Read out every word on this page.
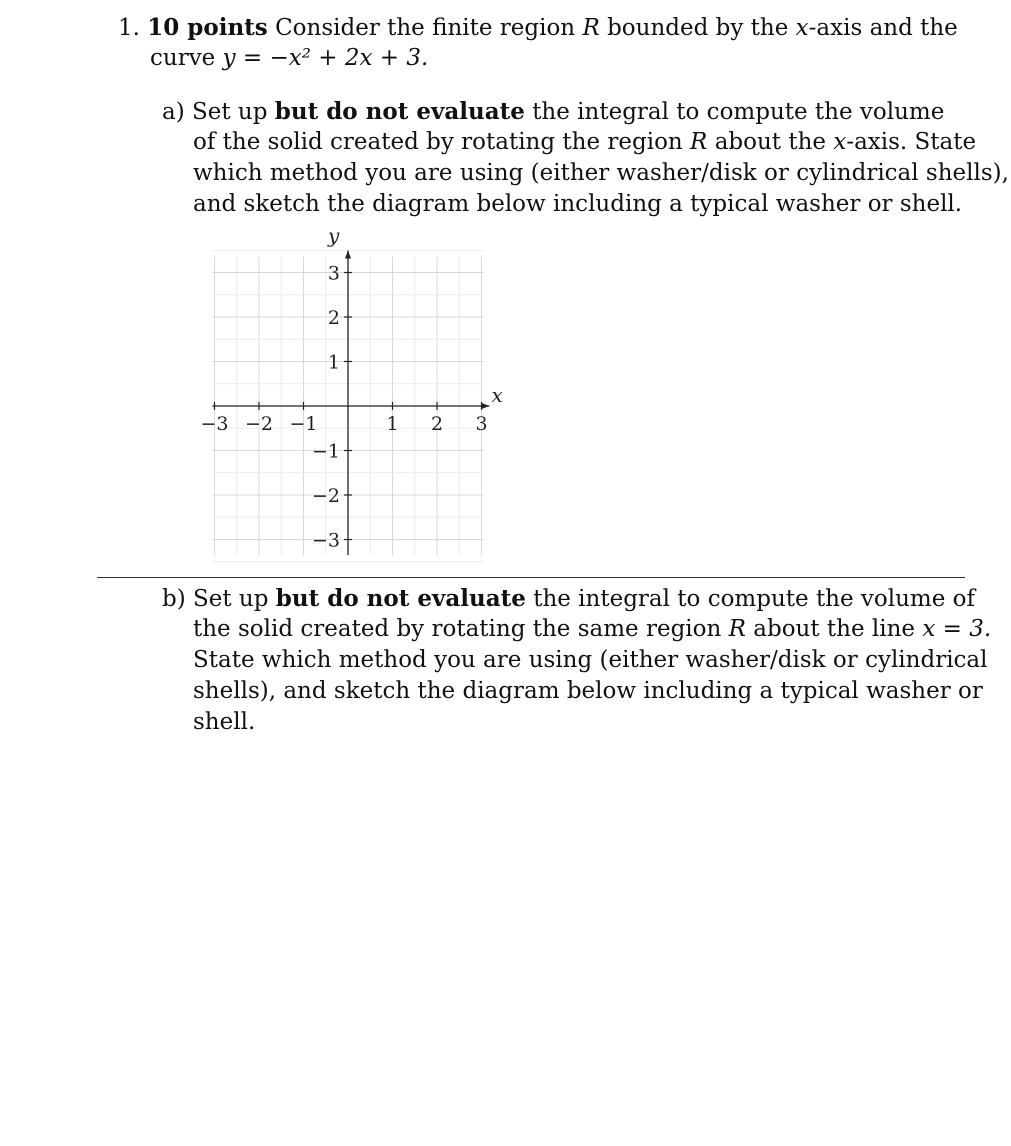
1. 10 points Consider the finite region R bounded by the x-axis and the
curve y = −x² + 2x + 3.
a) Set up but do not evaluate the integral to compute the volume
of the solid created by rotating the region R about the x-axis. State
which method you are using (either washer/disk or cylindrical shells),
and sketch the diagram below including a typical washer or shell.
x
y
−3 −2 −1	1 2 3
3
2
1
−1
−2
−3
b) Set up but do not evaluate the integral to compute the volume of
the solid created by rotating the same region R about the line x = 3.
State which method you are using (either washer/disk or cylindrical
shells), and sketch the diagram below including a typical washer or
shell.
